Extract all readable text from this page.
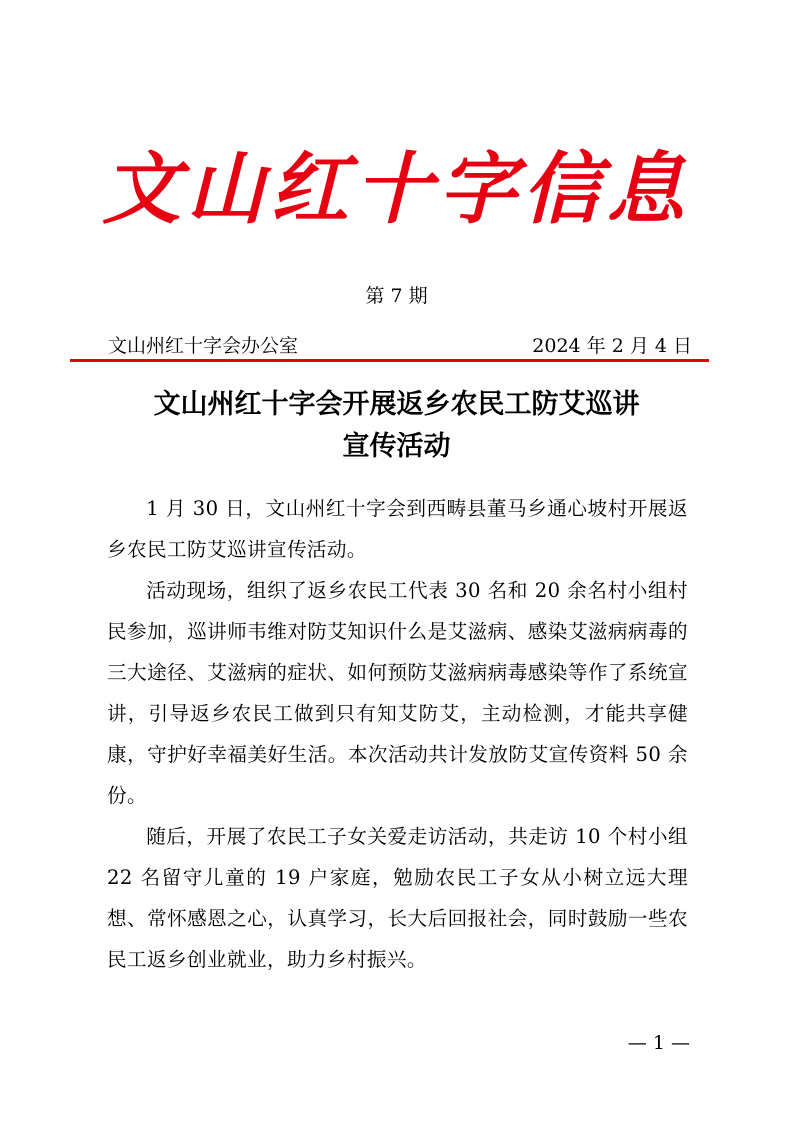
文山红十字信息
第 7 期
文山州红十字会办公室	2024 年 2 月 4 日
文山州红十字会开展返乡农民工防艾巡讲
宣传活动

1 月 30 日，文山州红十字会到西畴县董马乡通心坡村开展返乡农民工防艾巡讲宣传活动。

活动现场，组织了返乡农民工代表 30 名和 20 余名村小组村民参加，巡讲师韦维对防艾知识什么是艾滋病、感染艾滋病病毒的三大途径、艾滋病的症状、如何预防艾滋病病毒感染等作了系统宣讲，引导返乡农民工做到只有知艾防艾，主动检测，才能共享健康，守护好幸福美好生活。本次活动共计发放防艾宣传资料 50 余份。

随后，开展了农民工子女关爱走访活动，共走访 10 个村小组 22 名留守儿童的 19 户家庭，勉励农民工子女从小树立远大理想、常怀感恩之心，认真学习，长大后回报社会，同时鼓励一些农民工返乡创业就业，助力乡村振兴。

— 1 —
